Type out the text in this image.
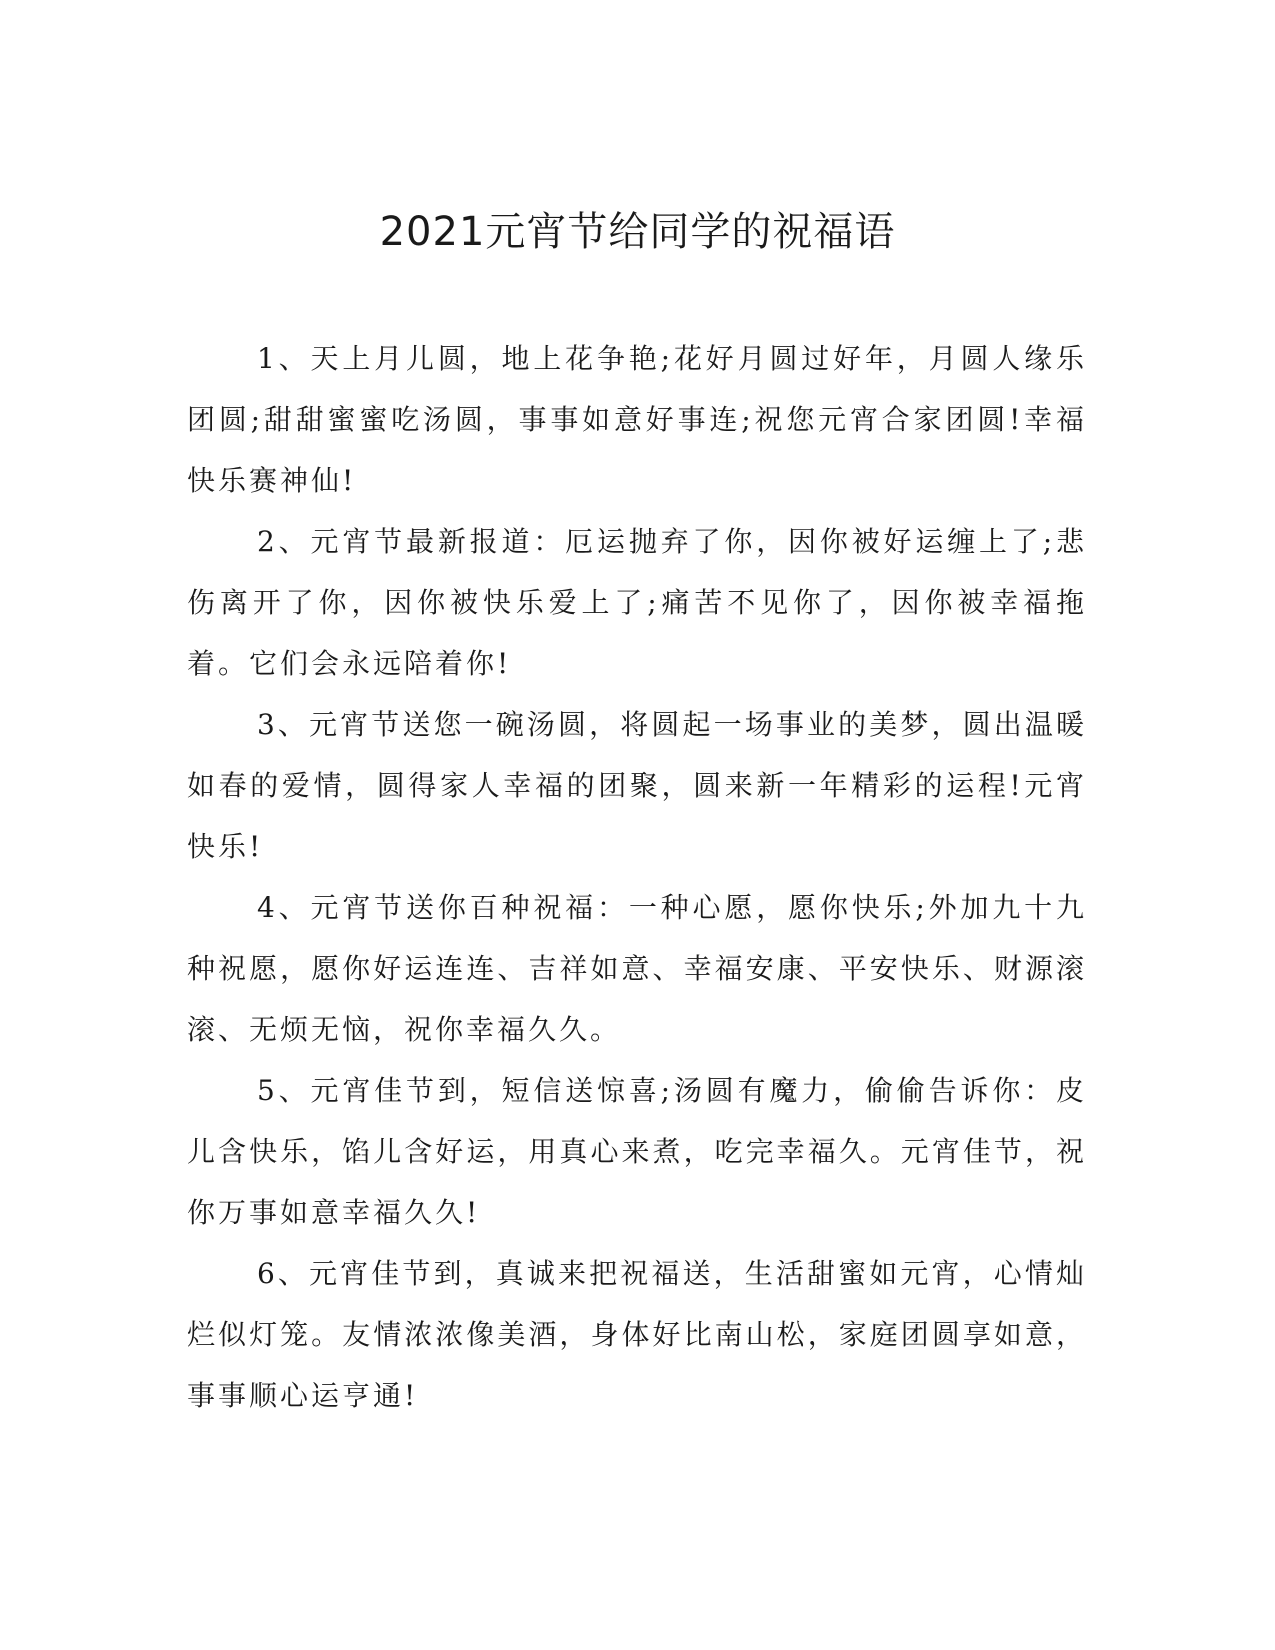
2021元宵节给同学的祝福语

1、天上月儿圆，地上花争艳;花好月圆过好年，月圆人缘乐团圆;甜甜蜜蜜吃汤圆，事事如意好事连;祝您元宵合家团圆!幸福快乐赛神仙!

2、元宵节最新报道：厄运抛弃了你，因你被好运缠上了;悲伤离开了你，因你被快乐爱上了;痛苦不见你了，因你被幸福拖着。它们会永远陪着你!

3、元宵节送您一碗汤圆，将圆起一场事业的美梦，圆出温暖如春的爱情，圆得家人幸福的团聚，圆来新一年精彩的运程!元宵快乐!

4、元宵节送你百种祝福：一种心愿，愿你快乐;外加九十九种祝愿，愿你好运连连、吉祥如意、幸福安康、平安快乐、财源滚滚、无烦无恼，祝你幸福久久。

5、元宵佳节到，短信送惊喜;汤圆有魔力，偷偷告诉你：皮儿含快乐，馅儿含好运，用真心来煮，吃完幸福久。元宵佳节，祝你万事如意幸福久久!

6、元宵佳节到，真诚来把祝福送，生活甜蜜如元宵，心情灿烂似灯笼。友情浓浓像美酒，身体好比南山松，家庭团圆享如意，事事顺心运亨通!
